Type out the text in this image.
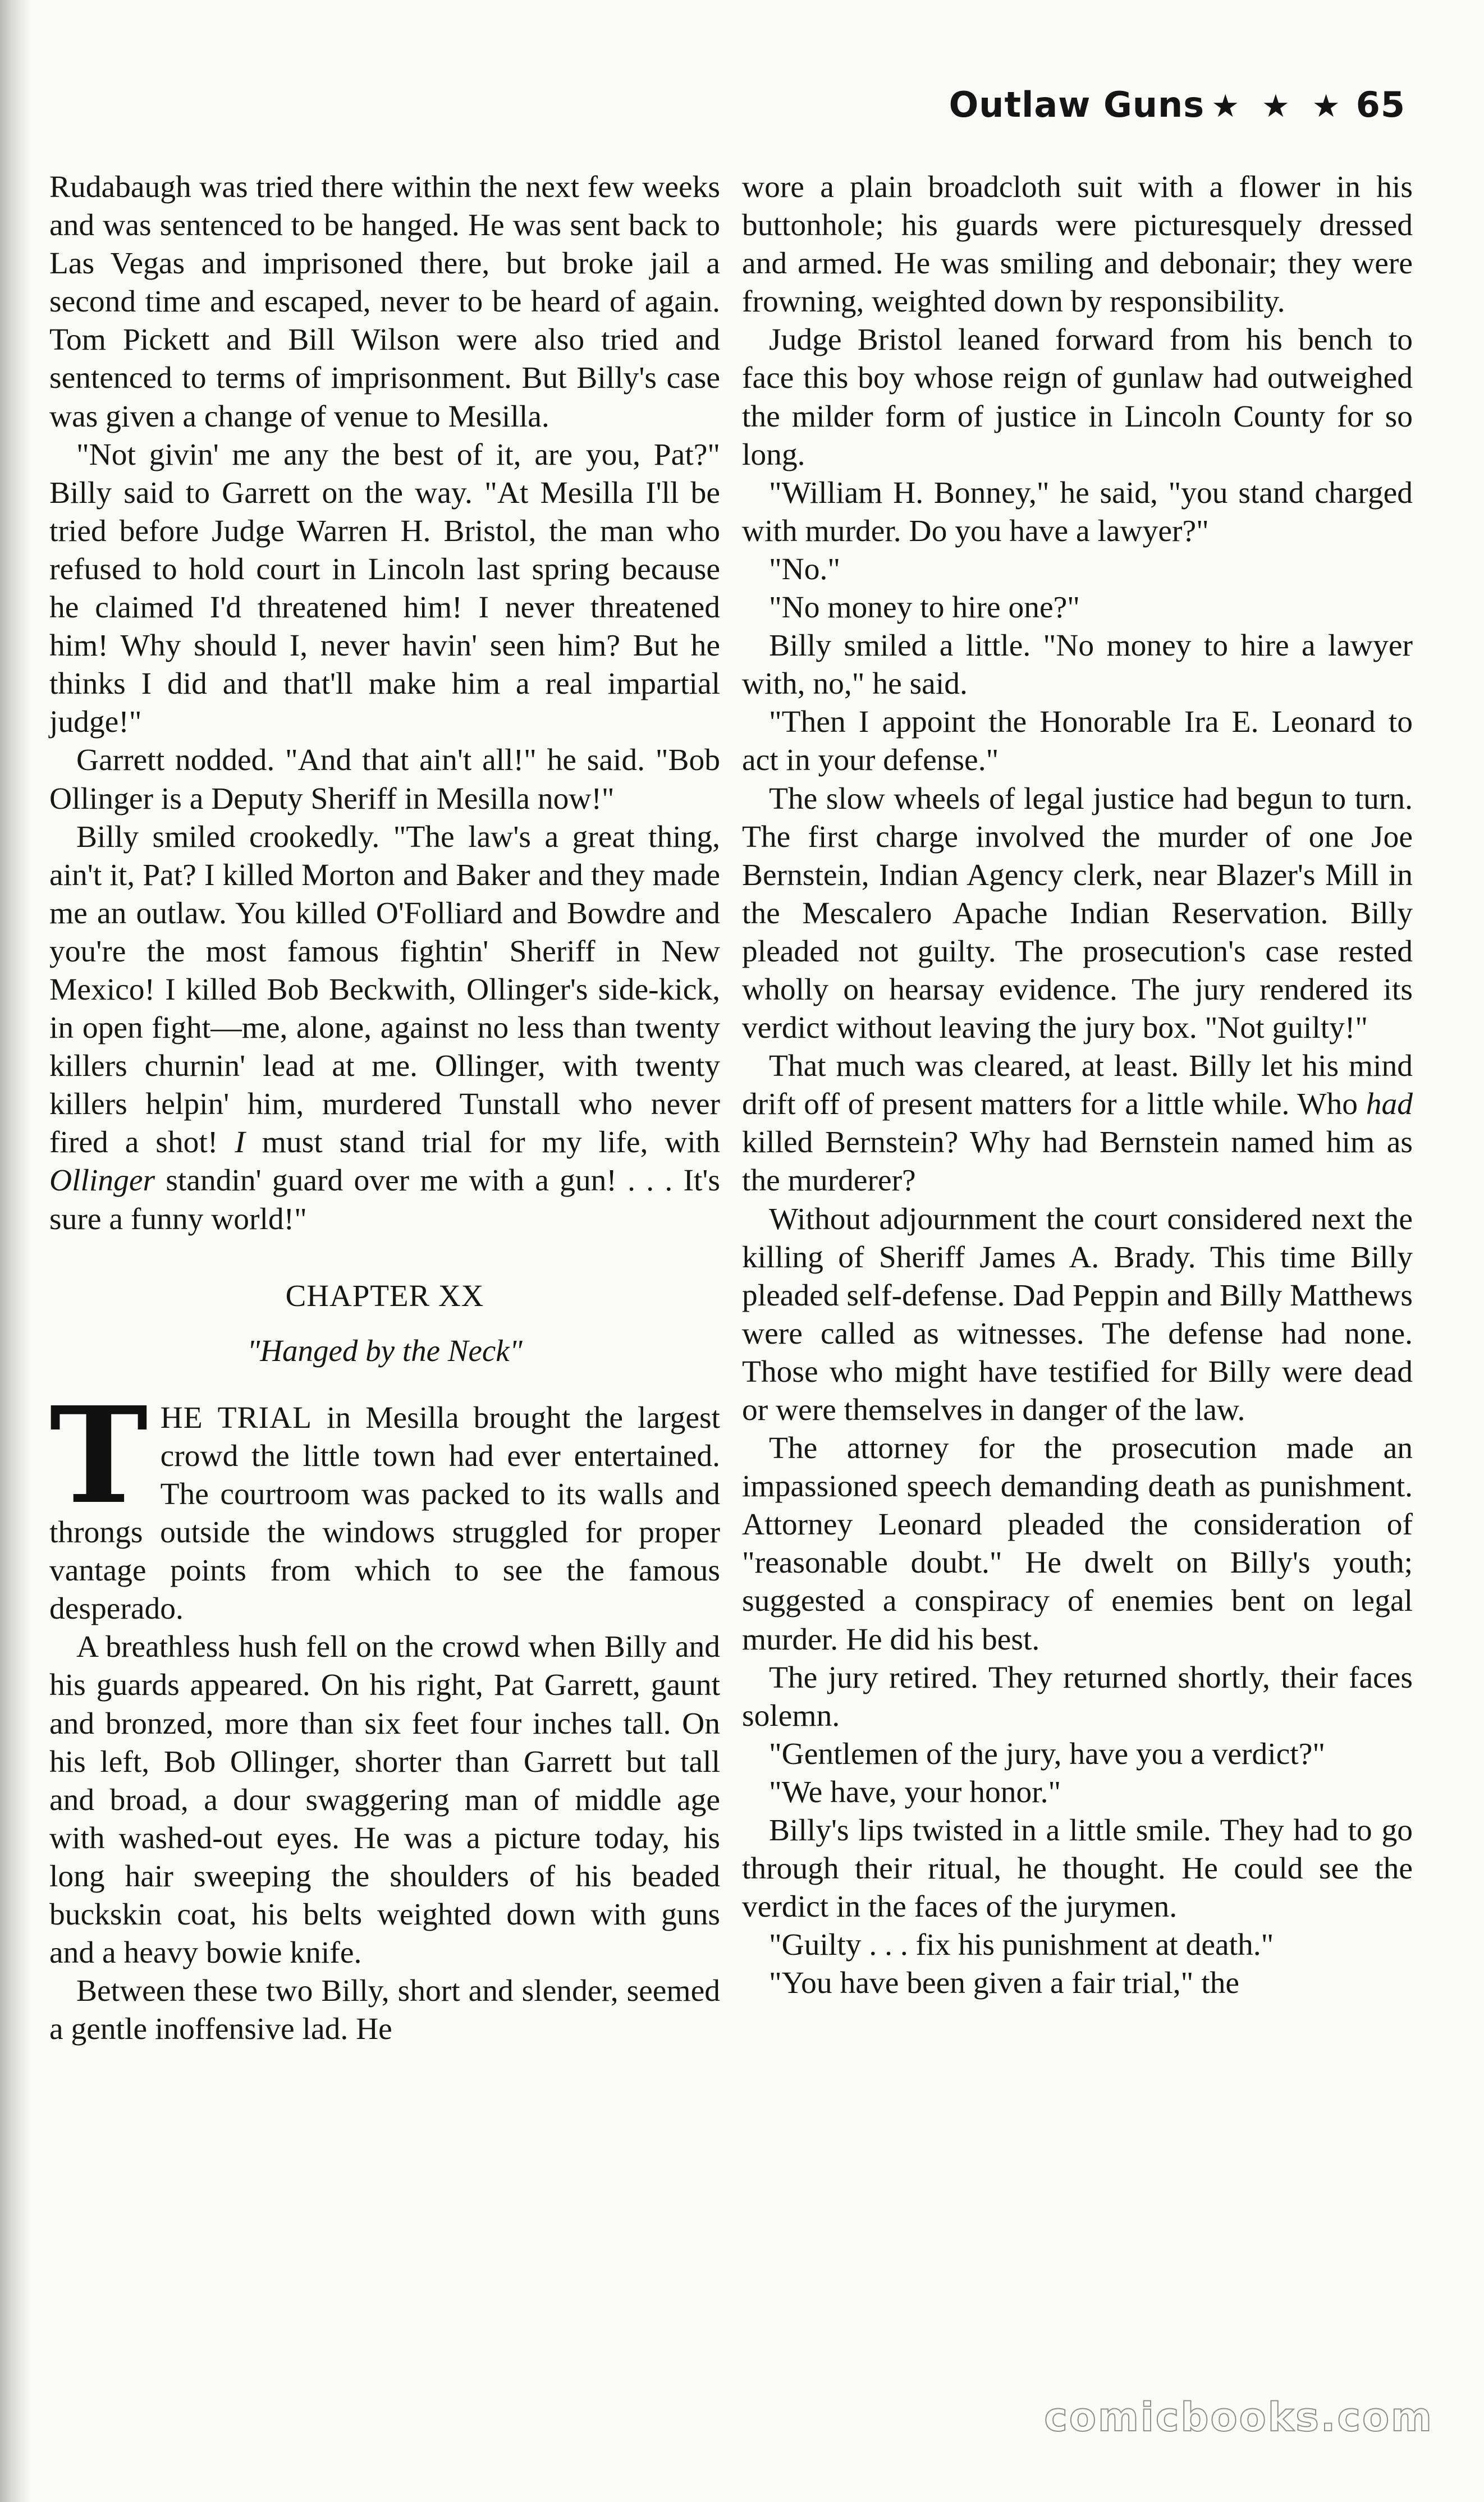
Outlaw Guns ★ ★ ★ 65

Rudabaugh was tried there within the next few weeks and was sentenced to be hanged. He was sent back to Las Vegas and imprisoned there, but broke jail a second time and escaped, never to be heard of again. Tom Pickett and Bill Wilson were also tried and sentenced to terms of imprisonment. But Billy's case was given a change of venue to Mesilla.

"Not givin' me any the best of it, are you, Pat?" Billy said to Garrett on the way. "At Mesilla I'll be tried before Judge Warren H. Bristol, the man who refused to hold court in Lincoln last spring because he claimed I'd threatened him! I never threatened him! Why should I, never havin' seen him? But he thinks I did and that'll make him a real impartial judge!"

Garrett nodded. "And that ain't all!" he said. "Bob Ollinger is a Deputy Sheriff in Mesilla now!"

Billy smiled crookedly. "The law's a great thing, ain't it, Pat? I killed Morton and Baker and they made me an outlaw. You killed O'Folliard and Bowdre and you're the most famous fightin' Sheriff in New Mexico! I killed Bob Beckwith, Ollinger's side-kick, in open fight—me, alone, against no less than twenty killers churnin' lead at me. Ollinger, with twenty killers helpin' him, murdered Tunstall who never fired a shot! I must stand trial for my life, with Ollinger standin' guard over me with a gun! . . . It's sure a funny world!"

CHAPTER XX
"Hanged by the Neck"

THE TRIAL in Mesilla brought the largest crowd the little town had ever entertained. The courtroom was packed to its walls and throngs outside the windows struggled for proper vantage points from which to see the famous desperado.

A breathless hush fell on the crowd when Billy and his guards appeared. On his right, Pat Garrett, gaunt and bronzed, more than six feet four inches tall. On his left, Bob Ollinger, shorter than Garrett but tall and broad, a dour swaggering man of middle age with washed-out eyes. He was a picture today, his long hair sweeping the shoulders of his beaded buckskin coat, his belts weighted down with guns and a heavy bowie knife.

Between these two Billy, short and slender, seemed a gentle inoffensive lad. He

wore a plain broadcloth suit with a flower in his buttonhole; his guards were picturesquely dressed and armed. He was smiling and debonair; they were frowning, weighted down by responsibility.

Judge Bristol leaned forward from his bench to face this boy whose reign of gunlaw had outweighed the milder form of justice in Lincoln County for so long.

"William H. Bonney," he said, "you stand charged with murder. Do you have a lawyer?"

"No."

"No money to hire one?"

Billy smiled a little. "No money to hire a lawyer with, no," he said.

"Then I appoint the Honorable Ira E. Leonard to act in your defense."

The slow wheels of legal justice had begun to turn. The first charge involved the murder of one Joe Bernstein, Indian Agency clerk, near Blazer's Mill in the Mescalero Apache Indian Reservation. Billy pleaded not guilty. The prosecution's case rested wholly on hearsay evidence. The jury rendered its verdict without leaving the jury box. "Not guilty!"

That much was cleared, at least. Billy let his mind drift off of present matters for a little while. Who had killed Bernstein? Why had Bernstein named him as the murderer?

Without adjournment the court considered next the killing of Sheriff James A. Brady. This time Billy pleaded self-defense. Dad Peppin and Billy Matthews were called as witnesses. The defense had none. Those who might have testified for Billy were dead or were themselves in danger of the law.

The attorney for the prosecution made an impassioned speech demanding death as punishment. Attorney Leonard pleaded the consideration of "reasonable doubt." He dwelt on Billy's youth; suggested a conspiracy of enemies bent on legal murder. He did his best.

The jury retired. They returned shortly, their faces solemn.

"Gentlemen of the jury, have you a verdict?"

"We have, your honor."

Billy's lips twisted in a little smile. They had to go through their ritual, he thought. He could see the verdict in the faces of the jurymen.

"Guilty . . . fix his punishment at death."

"You have been given a fair trial," the

comicbooks.com
